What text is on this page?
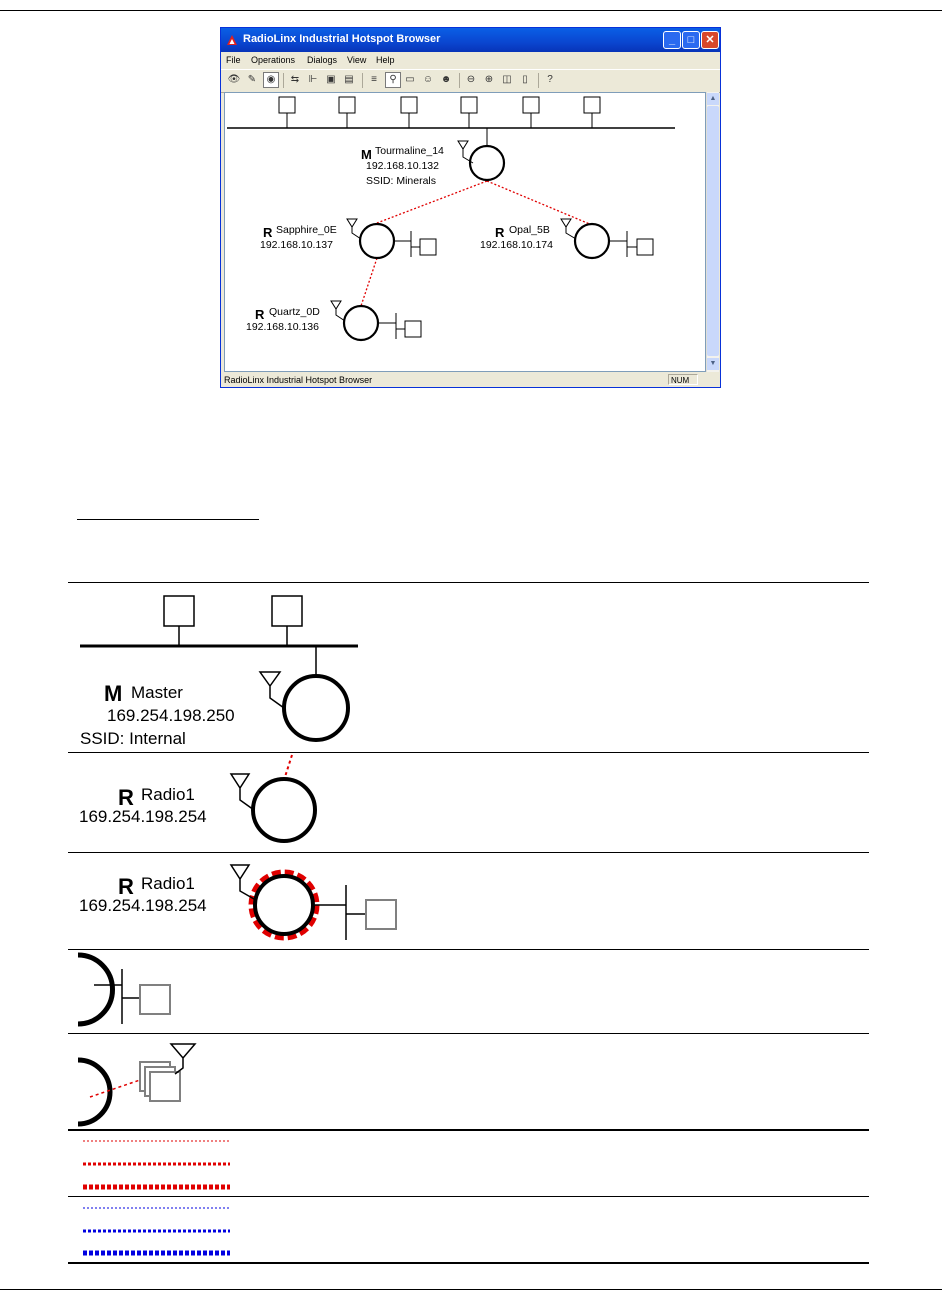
RadioLinx Industrial Hotspot Browser	_	□	✕
File Operations Dialogs View Help
👁 ✎	◉	⇆ ⊩ ▣ ▤	≡	⚲ ▭ ☺ ☻ ⊖ ⊕ ◫	▯	?
M Tourmaline_14
192.168.10.132
SSID: Minerals
R Sapphire_0E
192.168.10.137
R Opal_5B
192.168.10.174
R Quartz_0D
192.168.10.136
▲
▼
RadioLinx Industrial Hotspot Browser	NUM
M Master
169.254.198.250
SSID: Internal
R Radio1
169.254.198.254
R Radio1
169.254.198.254
